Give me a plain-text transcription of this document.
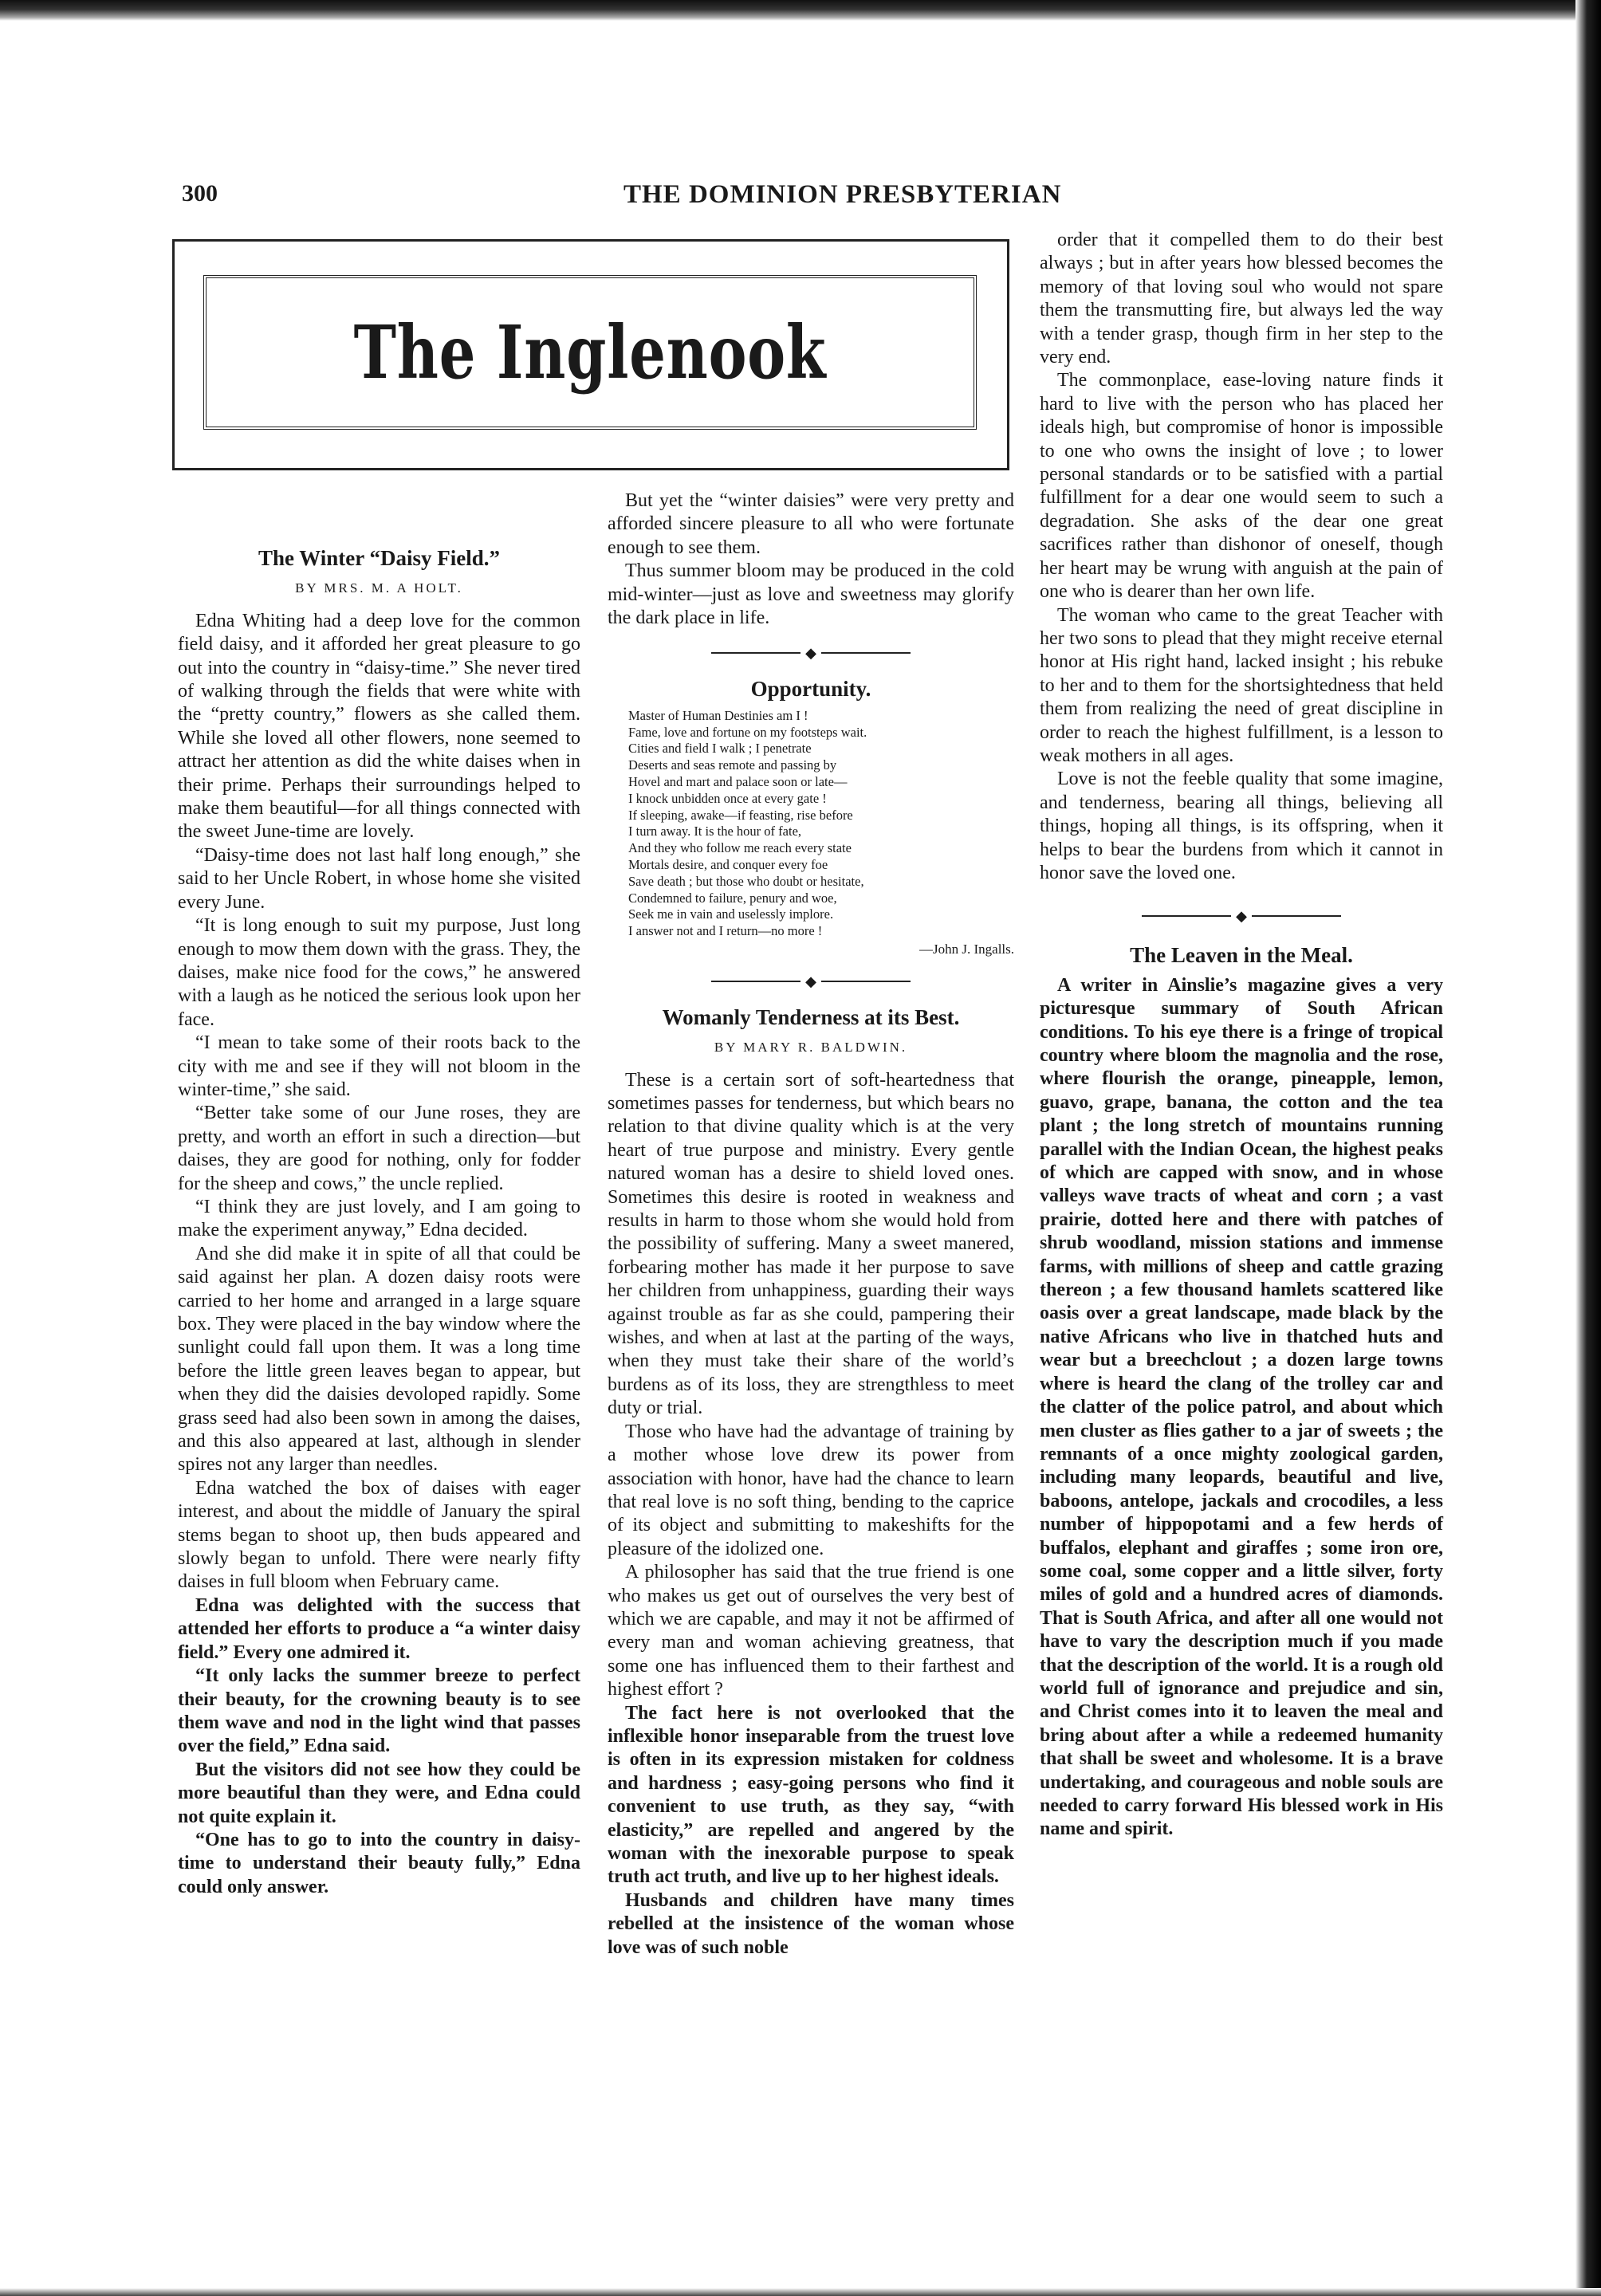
300	THE DOMINION PRESBYTERIAN
The Inglenook
The Winter “Daisy Field.”
BY MRS. M. A HOLT.

Edna Whiting had a deep love for the common field daisy, and it afforded her great pleasure to go out into the country in “daisy-time.” She never tired of walking through the fields that were white with the “pretty country,” flowers as she called them. While she loved all other flowers, none seemed to attract her attention as did the white daises when in their prime. Perhaps their surroundings helped to make them beautiful—for all things connected with the sweet June-time are lovely.

“Daisy-time does not last half long enough,” she said to her Uncle Robert, in whose home she visited every June.

“It is long enough to suit my purpose, Just long enough to mow them down with the grass. They, the daises, make nice food for the cows,” he answered with a laugh as he noticed the serious look upon her face.

“I mean to take some of their roots back to the city with me and see if they will not bloom in the winter-time,” she said.

“Better take some of our June roses, they are pretty, and worth an effort in such a direction—but daises, they are good for nothing, only for fodder for the sheep and cows,” the uncle replied.

“I think they are just lovely, and I am going to make the experiment anyway,” Edna decided.

And she did make it in spite of all that could be said against her plan. A dozen daisy roots were carried to her home and arranged in a large square box. They were placed in the bay window where the sunlight could fall upon them. It was a long time before the little green leaves began to appear, but when they did the daisies devoloped rapidly. Some grass seed had also been sown in among the daises, and this also appeared at last, although in slender spires not any larger than needles.

Edna watched the box of daises with eager interest, and about the middle of January the spiral stems began to shoot up, then buds appeared and slowly began to unfold. There were nearly fifty daises in full bloom when February came.

Edna was delighted with the success that attended her efforts to produce a “a winter daisy field.” Every one admired it.

“It only lacks the summer breeze to perfect their beauty, for the crowning beauty is to see them wave and nod in the light wind that passes over the field,” Edna said.

But the visitors did not see how they could be more beautiful than they were, and Edna could not quite explain it.

“One has to go to into the country in daisy-time to understand their beauty fully,” Edna could only answer.

But yet the “winter daisies” were very pretty and afforded sincere pleasure to all who were fortunate enough to see them.

Thus summer bloom may be produced in the cold mid-winter—just as love and sweetness may glorify the dark place in life.

◆
Opportunity.
Master of Human Destinies am I !
Fame, love and fortune on my footsteps wait.
Cities and field I walk ; I penetrate
Deserts and seas remote and passing by
Hovel and mart and palace soon or late—
I knock unbidden once at every gate !
If sleeping, awake—if feasting, rise before
I turn away. It is the hour of fate,
And they who follow me reach every state
Mortals desire, and conquer every foe
Save death ; but those who doubt or hesitate,
Condemned to failure, penury and woe,
Seek me in vain and uselessly implore.
I answer not and I return—no more !
—John J. Ingalls.
◆
Womanly Tenderness at its Best.
BY MARY R. BALDWIN.

These is a certain sort of soft-heartedness that sometimes passes for tenderness, but which bears no relation to that divine quality which is at the very heart of true purpose and ministry. Every gentle natured woman has a desire to shield loved ones. Sometimes this desire is rooted in weakness and results in harm to those whom she would hold from the possibility of suffering. Many a sweet manered, forbearing mother has made it her purpose to save her children from unhappiness, guarding their ways against trouble as far as she could, pampering their wishes, and when at last at the parting of the ways, when they must take their share of the world’s burdens as of its loss, they are strengthless to meet duty or trial.

Those who have had the advantage of training by a mother whose love drew its power from association with honor, have had the chance to learn that real love is no soft thing, bending to the caprice of its object and submitting to makeshifts for the pleasure of the idolized one.

A philosopher has said that the true friend is one who makes us get out of ourselves the very best of which we are capable, and may it not be affirmed of every man and woman achieving greatness, that some one has influenced them to their farthest and highest effort ?

The fact here is not overlooked that the inflexible honor inseparable from the truest love is often in its expression mistaken for coldness and hardness ; easy-going persons who find it convenient to use truth, as they say, “with elasticity,” are repelled and angered by the woman with the inexorable purpose to speak truth act truth, and live up to her highest ideals.

Husbands and children have many times rebelled at the insistence of the woman whose love was of such noble

order that it compelled them to do their best always ; but in after years how blessed becomes the memory of that loving soul who would not spare them the transmutting fire, but always led the way with a tender grasp, though firm in her step to the very end.

The commonplace, ease-loving nature finds it hard to live with the person who has placed her ideals high, but compromise of honor is impossible to one who owns the insight of love ; to lower personal standards or to be satisfied with a partial fulfillment for a dear one would seem to such a degradation. She asks of the dear one great sacrifices rather than dishonor of oneself, though her heart may be wrung with anguish at the pain of one who is dearer than her own life.

The woman who came to the great Teacher with her two sons to plead that they might receive eternal honor at His right hand, lacked insight ; his rebuke to her and to them for the shortsightedness that held them from realizing the need of great discipline in order to reach the highest fulfillment, is a lesson to weak mothers in all ages.

Love is not the feeble quality that some imagine, and tenderness, bearing all things, believing all things, hoping all things, is its offspring, when it helps to bear the burdens from which it cannot in honor save the loved one.

◆
The Leaven in the Meal.

A writer in Ainslie’s magazine gives a very picturesque summary of South African conditions. To his eye there is a fringe of tropical country where bloom the magnolia and the rose, where flourish the orange, pineapple, lemon, guavo, grape, banana, the cotton and the tea plant ; the long stretch of mountains running parallel with the Indian Ocean, the highest peaks of which are capped with snow, and in whose valleys wave tracts of wheat and corn ; a vast prairie, dotted here and there with patches of shrub woodland, mission stations and immense farms, with millions of sheep and cattle grazing thereon ; a few thousand hamlets scattered like oasis over a great landscape, made black by the native Africans who live in thatched huts and wear but a breechclout ; a dozen large towns where is heard the clang of the trolley car and the clatter of the police patrol, and about which men cluster as flies gather to a jar of sweets ; the remnants of a once mighty zoological garden, including many leopards, beautiful and live, baboons, antelope, jackals and crocodiles, a less number of hippopotami and a few herds of buffalos, elephant and giraffes ; some iron ore, some coal, some copper and a little silver, forty miles of gold and a hundred acres of diamonds. That is South Africa, and after all one would not have to vary the description much if you made that the description of the world. It is a rough old world full of ignorance and prejudice and sin, and Christ comes into it to leaven the meal and bring about after a while a redeemed humanity that shall be sweet and wholesome. It is a brave undertaking, and courageous and noble souls are needed to carry forward His blessed work in His name and spirit.
